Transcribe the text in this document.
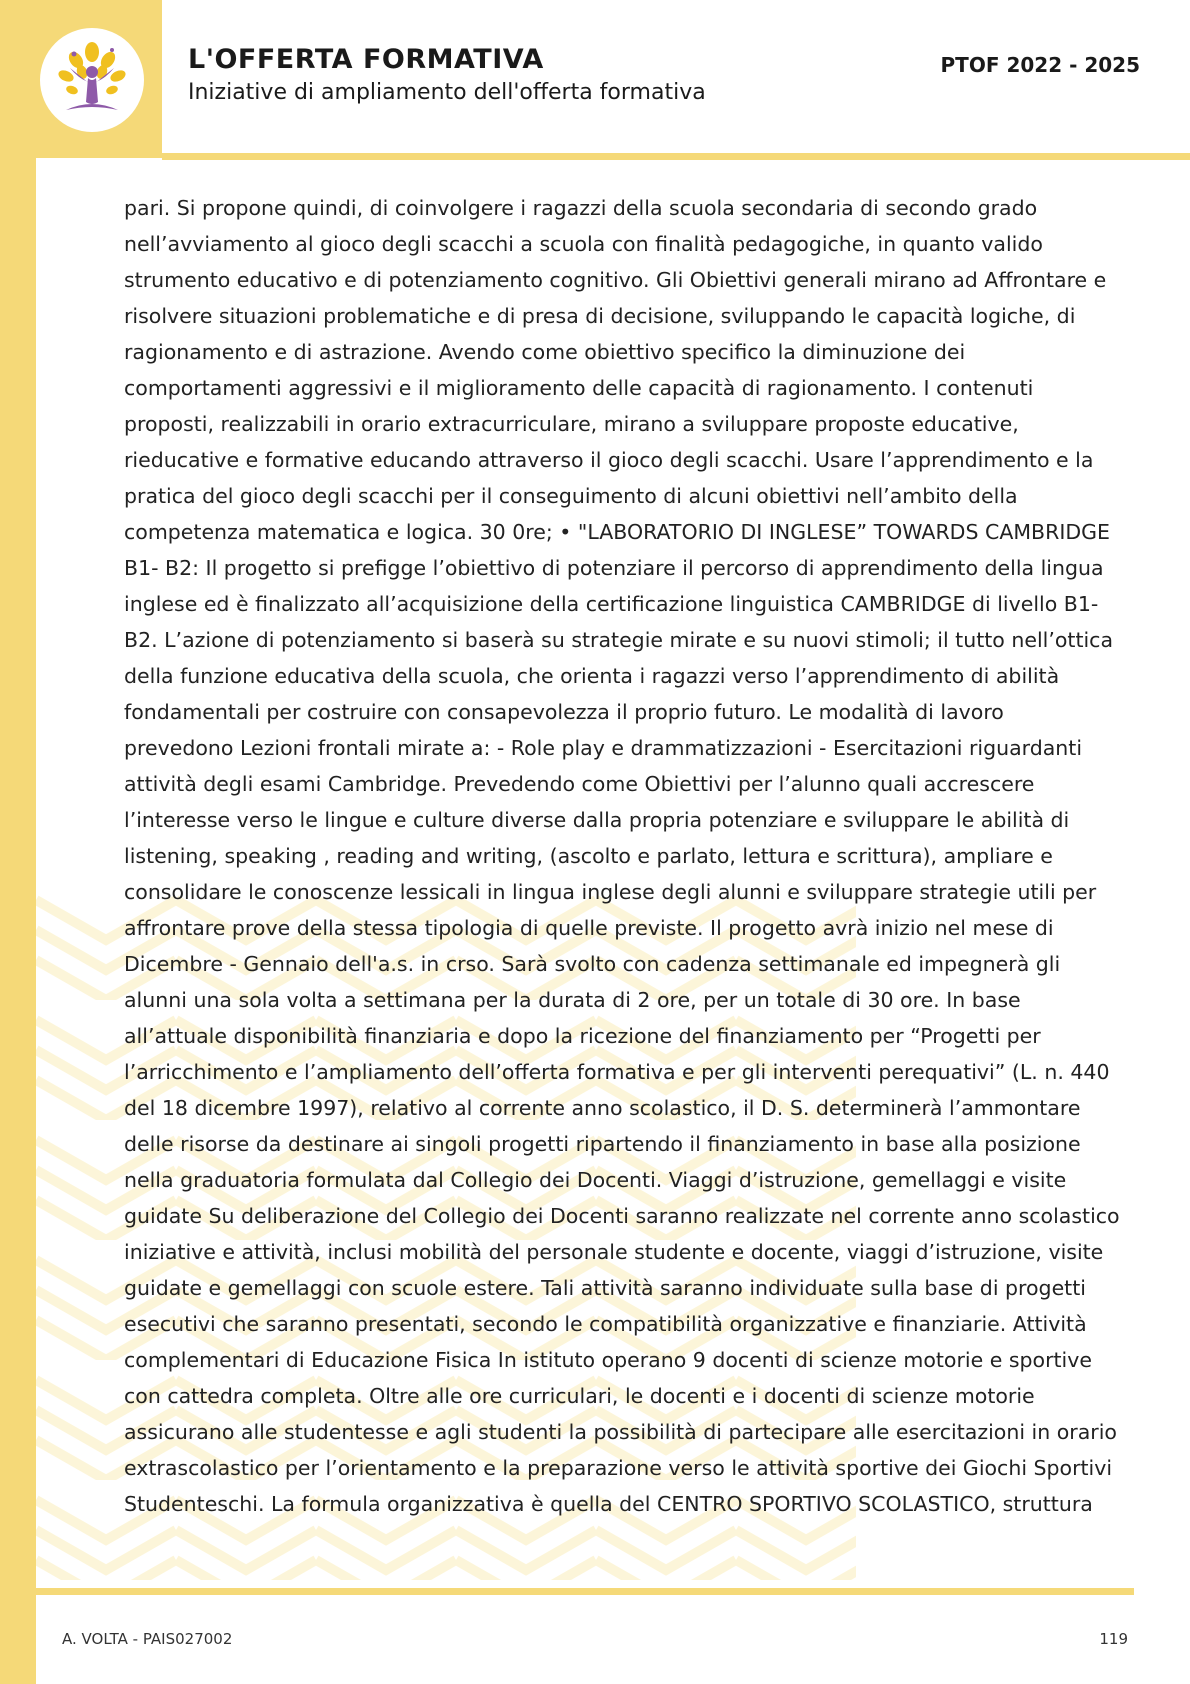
L'OFFERTA FORMATIVA
Iniziative di ampliamento dell'offerta formativa
PTOF 2022 - 2025
pari. Si propone quindi, di coinvolgere i ragazzi della scuola secondaria di secondo grado
nell’avviamento al gioco degli scacchi a scuola con finalità pedagogiche, in quanto valido
strumento educativo e di potenziamento cognitivo. Gli Obiettivi generali mirano ad Affrontare e
risolvere situazioni problematiche e di presa di decisione, sviluppando le capacità logiche, di
ragionamento e di astrazione. Avendo come obiettivo specifico la diminuzione dei
comportamenti aggressivi e il miglioramento delle capacità di ragionamento. I contenuti
proposti, realizzabili in orario extracurriculare, mirano a sviluppare proposte educative,
rieducative e formative educando attraverso il gioco degli scacchi. Usare l’apprendimento e la
pratica del gioco degli scacchi per il conseguimento di alcuni obiettivi nell’ambito della
competenza matematica e logica. 30 0re; • "LABORATORIO DI INGLESE” TOWARDS CAMBRIDGE
B1- B2: Il progetto si prefigge l’obiettivo di potenziare il percorso di apprendimento della lingua
inglese ed è finalizzato all’acquisizione della certificazione linguistica CAMBRIDGE di livello B1-
B2. L’azione di potenziamento si baserà su strategie mirate e su nuovi stimoli; il tutto nell’ottica
della funzione educativa della scuola, che orienta i ragazzi verso l’apprendimento di abilità
fondamentali per costruire con consapevolezza il proprio futuro. Le modalità di lavoro
prevedono Lezioni frontali mirate a: - Role play e drammatizzazioni - Esercitazioni riguardanti
attività degli esami Cambridge. Prevedendo come Obiettivi per l’alunno quali accrescere
l’interesse verso le lingue e culture diverse dalla propria potenziare e sviluppare le abilità di
listening, speaking , reading and writing, (ascolto e parlato, lettura e scrittura), ampliare e
consolidare le conoscenze lessicali in lingua inglese degli alunni e sviluppare strategie utili per
affrontare prove della stessa tipologia di quelle previste. Il progetto avrà inizio nel mese di
Dicembre - Gennaio dell'a.s. in crso. Sarà svolto con cadenza settimanale ed impegnerà gli
alunni una sola volta a settimana per la durata di 2 ore, per un totale di 30 ore. In base
all’attuale disponibilità finanziaria e dopo la ricezione del finanziamento per “Progetti per
l’arricchimento e l’ampliamento dell’offerta formativa e per gli interventi perequativi” (L. n. 440
del 18 dicembre 1997), relativo al corrente anno scolastico, il D. S. determinerà l’ammontare
delle risorse da destinare ai singoli progetti ripartendo il finanziamento in base alla posizione
nella graduatoria formulata dal Collegio dei Docenti. Viaggi d’istruzione, gemellaggi e visite
guidate Su deliberazione del Collegio dei Docenti saranno realizzate nel corrente anno scolastico
iniziative e attività, inclusi mobilità del personale studente e docente, viaggi d’istruzione, visite
guidate e gemellaggi con scuole estere. Tali attività saranno individuate sulla base di progetti
esecutivi che saranno presentati, secondo le compatibilità organizzative e finanziarie. Attività
complementari di Educazione Fisica In istituto operano 9 docenti di scienze motorie e sportive
con cattedra completa. Oltre alle ore curriculari, le docenti e i docenti di scienze motorie
assicurano alle studentesse e agli studenti la possibilità di partecipare alle esercitazioni in orario
extrascolastico per l’orientamento e la preparazione verso le attività sportive dei Giochi Sportivi
Studenteschi. La formula organizzativa è quella del CENTRO SPORTIVO SCOLASTICO, struttura
A. VOLTA - PAIS027002	119
